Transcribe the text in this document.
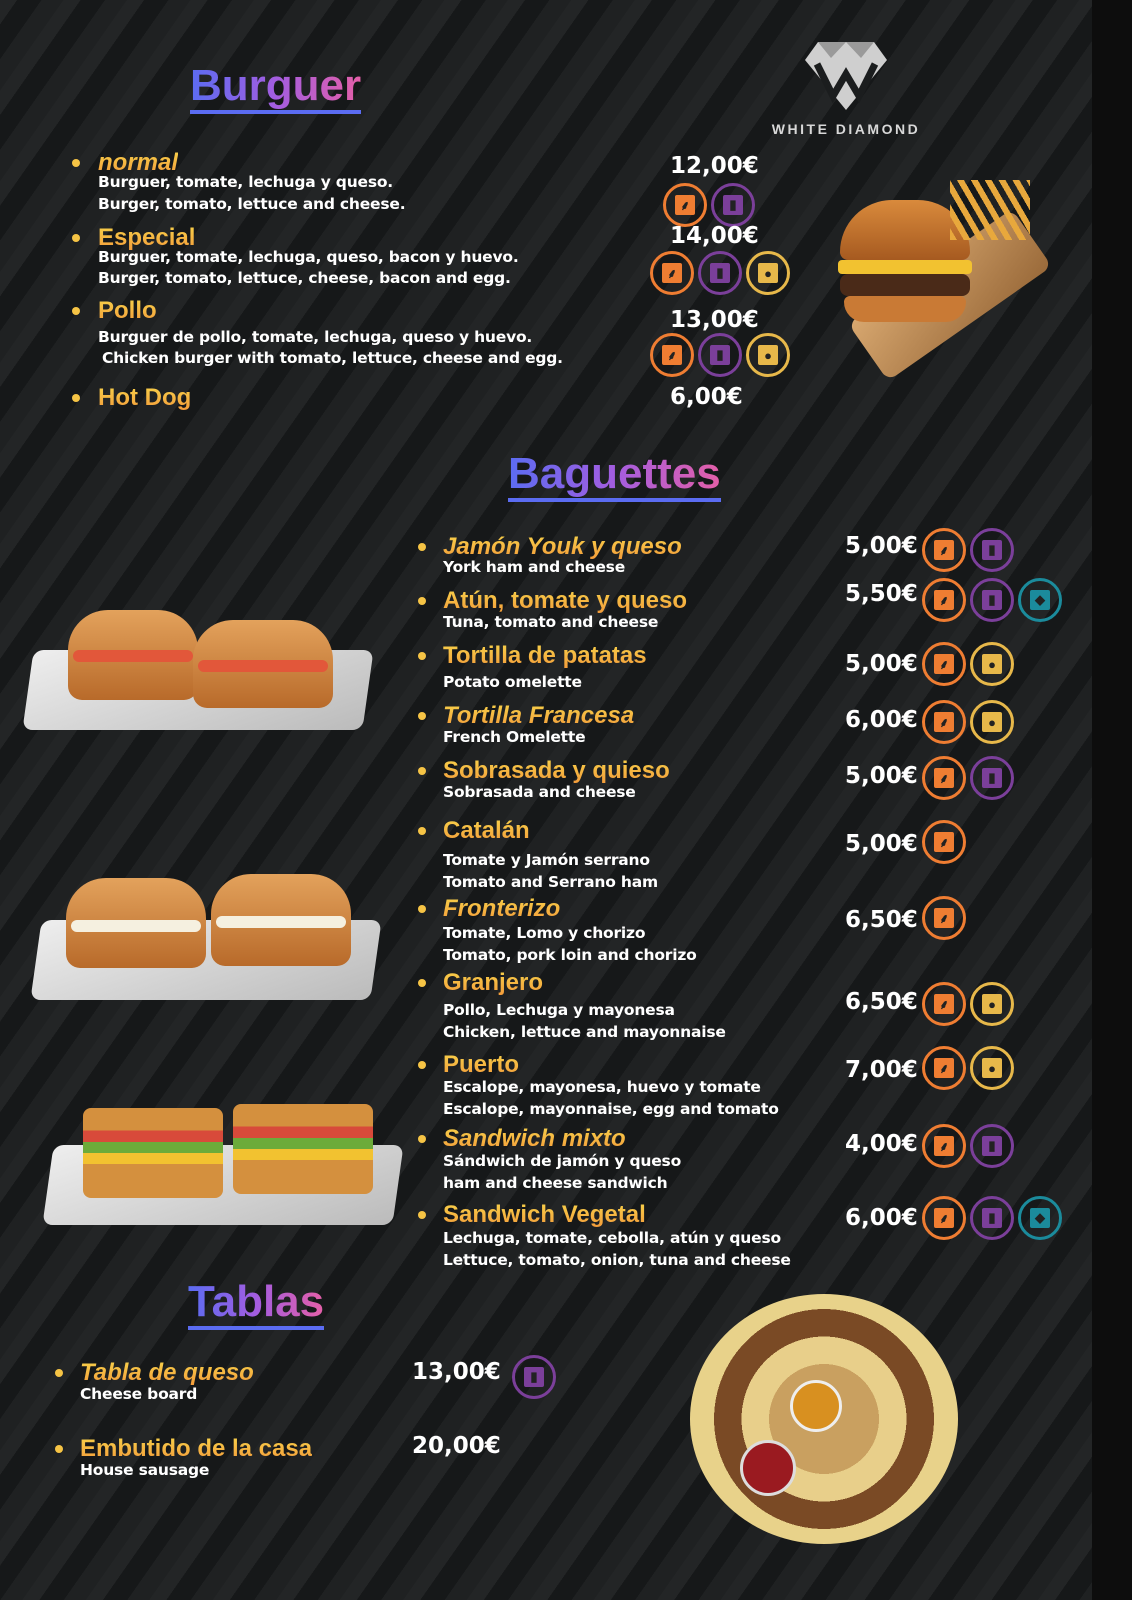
WHITE DIAMOND
Burguer
normal
Burguer, tomate, lechuga y queso.
Burger, tomato, lettuce and cheese.
12,00€
⸙	▮
Especial
Burguer, tomate, lechuga, queso, bacon y huevo.
Burger, tomato, lettuce, cheese, bacon and egg.
14,00€
⸙	▮	●
Pollo
Burguer de pollo, tomate, lechuga, queso y huevo.
Chicken burger with tomato, lettuce, cheese and egg.
13,00€
⸙	▮	●
Hot Dog	6,00€
Baguettes
Jamón Youk y queso
York ham and cheese
5,00€	⸙	▮
Atún, tomate y queso
Tuna, tomato and cheese
5,50€	⸙	▮	◆
Tortilla de patatas
Potato omelette
5,00€	⸙	●
Tortilla Francesa
French Omelette
6,00€	⸙	●
Sobrasada y quieso
Sobrasada and cheese
5,00€	⸙	▮
Catalán
Tomate y Jamón serrano
Tomato and Serrano ham
5,00€	⸙
Fronterizo
Tomate, Lomo y chorizo
Tomato, pork loin and chorizo
6,50€	⸙
Granjero
Pollo, Lechuga y mayonesa
Chicken, lettuce and mayonnaise
6,50€	⸙	●
Puerto
Escalope, mayonesa, huevo y tomate
Escalope, mayonnaise, egg and tomato
7,00€	⸙	●
Sandwich mixto
Sándwich de jamón y queso
ham and cheese sandwich
4,00€	⸙	▮
Sandwich Vegetal
Lechuga, tomate, cebolla, atún y queso
Lettuce, tomato, onion, tuna and cheese
6,00€	⸙	▮	◆
Tablas
Tabla de queso
Cheese board
13,00€	▮
Embutido de la casa
House sausage
20,00€
